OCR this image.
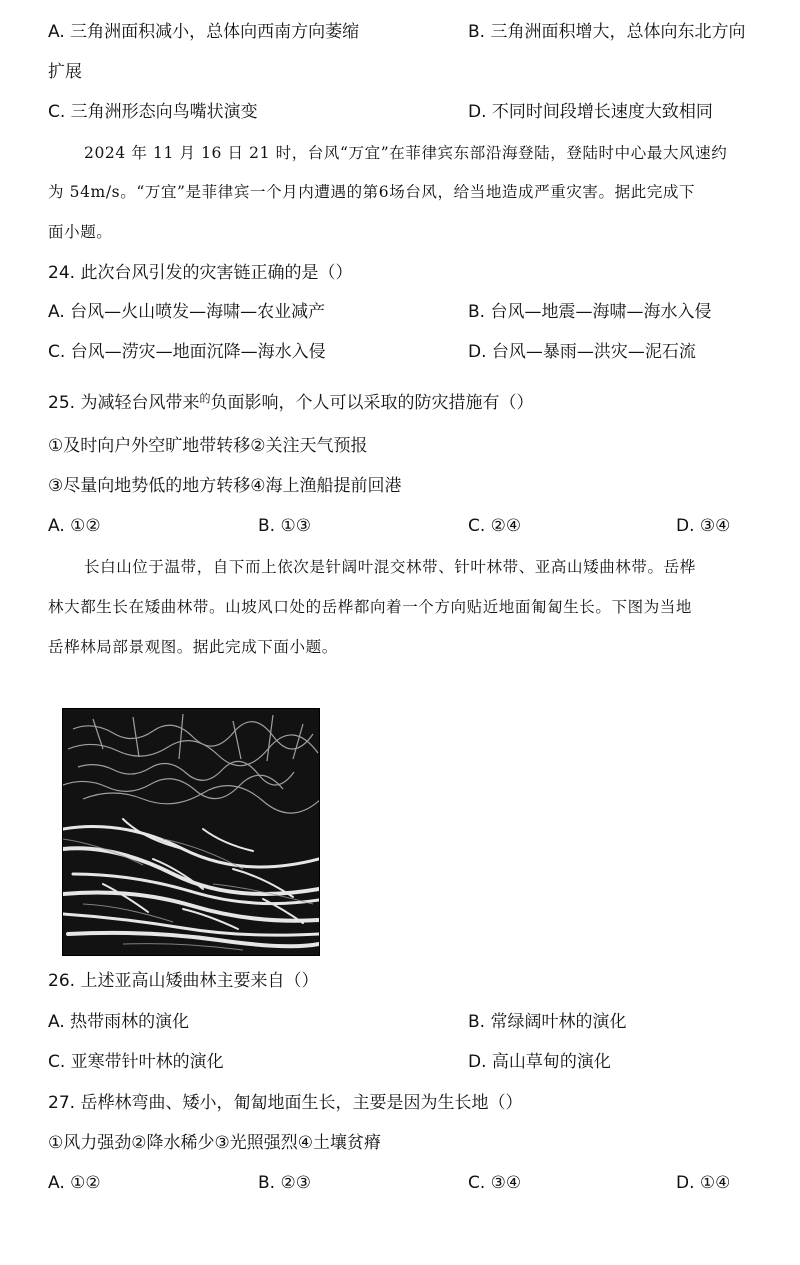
A. 三角洲面积减小，总体向西南方向萎缩	B. 三角洲面积增大，总体向东北方向
扩展
C. 三角洲形态向鸟嘴状演变	D. 不同时间段增长速度大致相同
2024 年 11 月 16 日 21 时，台风“万宜”在菲律宾东部沿海登陆，登陆时中心最大风速约
为 54m/s。“万宜”是菲律宾一个月内遭遇的第6场台风，给当地造成严重灾害。据此完成下
面小题。
24. 此次台风引发的灾害链正确的是（）
A. 台风—火山喷发—海啸—农业减产	B. 台风—地震—海啸—海水入侵
C. 台风—涝灾—地面沉降—海水入侵	D. 台风—暴雨—洪灾—泥石流
25. 为减轻台风带来$^的$负面影响，个人可以采取的防灾措施有（）
①及时向户外空旷地带转移②关注天气预报
③尽量向地势低的地方转移④海上渔船提前回港
A. ①②	B. ①③	C. ②④	D. ③④
长白山位于温带，自下而上依次是针阔叶混交林带、针叶林带、亚高山矮曲林带。岳桦
林大都生长在矮曲林带。山坡风口处的岳桦都向着一个方向贴近地面匍匐生长。下图为当地
岳桦林局部景观图。据此完成下面小题。
26. 上述亚高山矮曲林主要来自（）
A. 热带雨林的演化	B. 常绿阔叶林的演化
C. 亚寒带针叶林的演化	D. 高山草甸的演化
27. 岳桦林弯曲、矮小，匍匐地面生长，主要是因为生长地（）
①风力强劲②降水稀少③光照强烈④土壤贫瘠
A. ①②	B. ②③	C. ③④	D. ①④
